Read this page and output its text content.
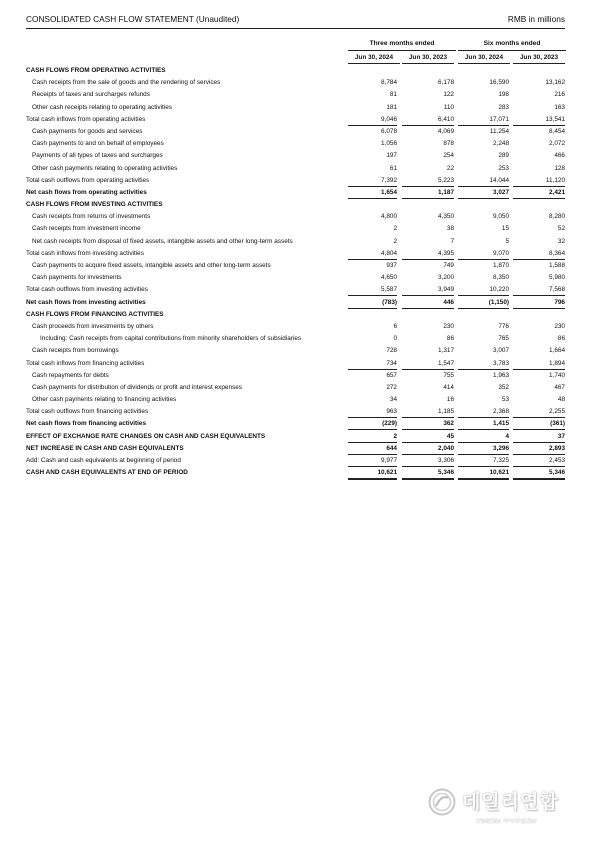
CONSOLIDATED CASH FLOW STATEMENT (Unaudited)	RMB in millions
Three months ended	Six months ended
Jun 30, 2024	Jun 30, 2023	Jun 30, 2024	Jun 30, 2023
CASH FLOWS FROM OPERATING ACTIVITIES
Cash receipts from the sale of goods and the rendering of services	8,784	6,178	16,590	13,162
Receipts of taxes and surcharges refunds	81	122	198	216
Other cash receipts relating to operating activities	181	110	283	163
Total cash inflows from operating activities	9,046	6,410	17,071	13,541
Cash payments for goods and services	6,078	4,069	11,254	8,454
Cash payments to and on behalf of employees	1,056	878	2,248	2,072
Payments of all types of taxes and surcharges	197	254	289	466
Other cash payments relating to operating activities	61	22	253	128
Total cash outflows from operating activities	7,392	5,223	14,044	11,120
Net cash flows from operating activities	1,654	1,187	3,027	2,421
CASH FLOWS FROM INVESTING ACTIVITIES
Cash receipts from returns of investments	4,800	4,350	9,050	8,280
Cash receipts from investment income	2	38	15	52
Net cash receipts from disposal of fixed assets, intangible assets and other long-term assets	2	7	5	32
Total cash inflows from investing activities	4,804	4,395	9,070	8,364
Cash payments to acquire fixed assets, intangible assets and other long-term assets	937	749	1,870	1,588
Cash payments for investments	4,650	3,200	8,350	5,980
Total cash outflows from investing activities	5,587	3,949	10,220	7,568
Net cash flows from investing activities	(783)	446	(1,150)	796
CASH FLOWS FROM FINANCING ACTIVITIES
Cash proceeds from investments by others	6	230	776	230
Including: Cash receipts from capital contributions from minority shareholders of subsidiaries	0	86	765	86
Cash receipts from borrowings	728	1,317	3,007	1,664
Total cash inflows from financing activities	734	1,547	3,783	1,894
Cash repayments for debts	657	755	1,963	1,740
Cash payments for distribution of dividends or profit and interest expenses	272	414	352	467
Other cash payments relating to financing activities	34	16	53	48
Total cash outflows from financing activities	963	1,185	2,368	2,255
Net cash flows from financing activities	(229)	362	1,415	(361)
EFFECT OF EXCHANGE RATE CHANGES ON CASH AND CASH EQUIVALENTS	2	45	4	37
NET INCREASE IN CASH AND CASH EQUIVALENTS	644	2,040	3,296	2,893
Add: Cash and cash equivalents at beginning of period	9,977	3,306	7,325	2,453
CASH AND CASH EQUIVALENTS AT END OF PERIOD	10,621	5,346	10,621	5,346
데일리연합
iTIMESM 아이타임즈M
